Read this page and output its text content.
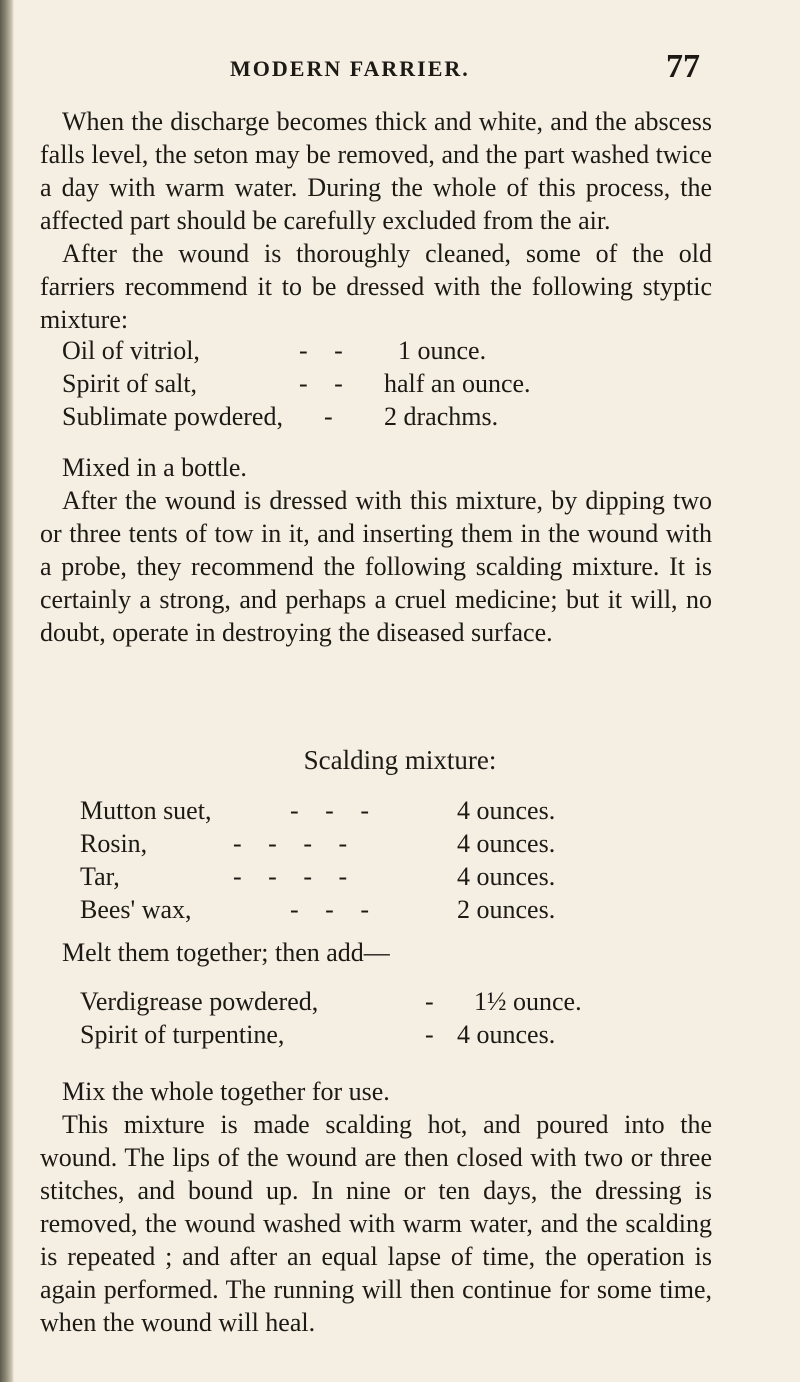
MODERN FARRIER.	77

When the discharge becomes thick and white, and the abscess falls level, the seton may be removed, and the part washed twice a day with warm water. During the whole of this process, the affected part should be carefully excluded from the air.

After the wound is thoroughly cleaned, some of the old farriers recommend it to be dressed with the following styptic mixture:

Oil of vitriol,	- - 1 ounce.
Spirit of salt,	- - half an ounce.
Sublimate powdered, - 2 drachms.

Mixed in a bottle.

After the wound is dressed with this mixture, by dipping two or three tents of tow in it, and inserting them in the wound with a probe, they recommend the following scalding mixture. It is certainly a strong, and perhaps a cruel medicine; but it will, no doubt, operate in destroying the diseased surface.

Scalding mixture:
Mutton suet,	- - -	4 ounces.
Rosin,	- - - -	4 ounces.
Tar,	- - - -	4 ounces.
Bees' wax,	- - -	2 ounces.

Melt them together; then add—

Verdigrease powdered,	- 1½ ounce.
Spirit of turpentine,	- 4 ounces.

Mix the whole together for use.

This mixture is made scalding hot, and poured into the wound. The lips of the wound are then closed with two or three stitches, and bound up. In nine or ten days, the dressing is removed, the wound washed with warm water, and the scalding is repeated ; and after an equal lapse of time, the operation is again performed. The running will then continue for some time, when the wound will heal.
